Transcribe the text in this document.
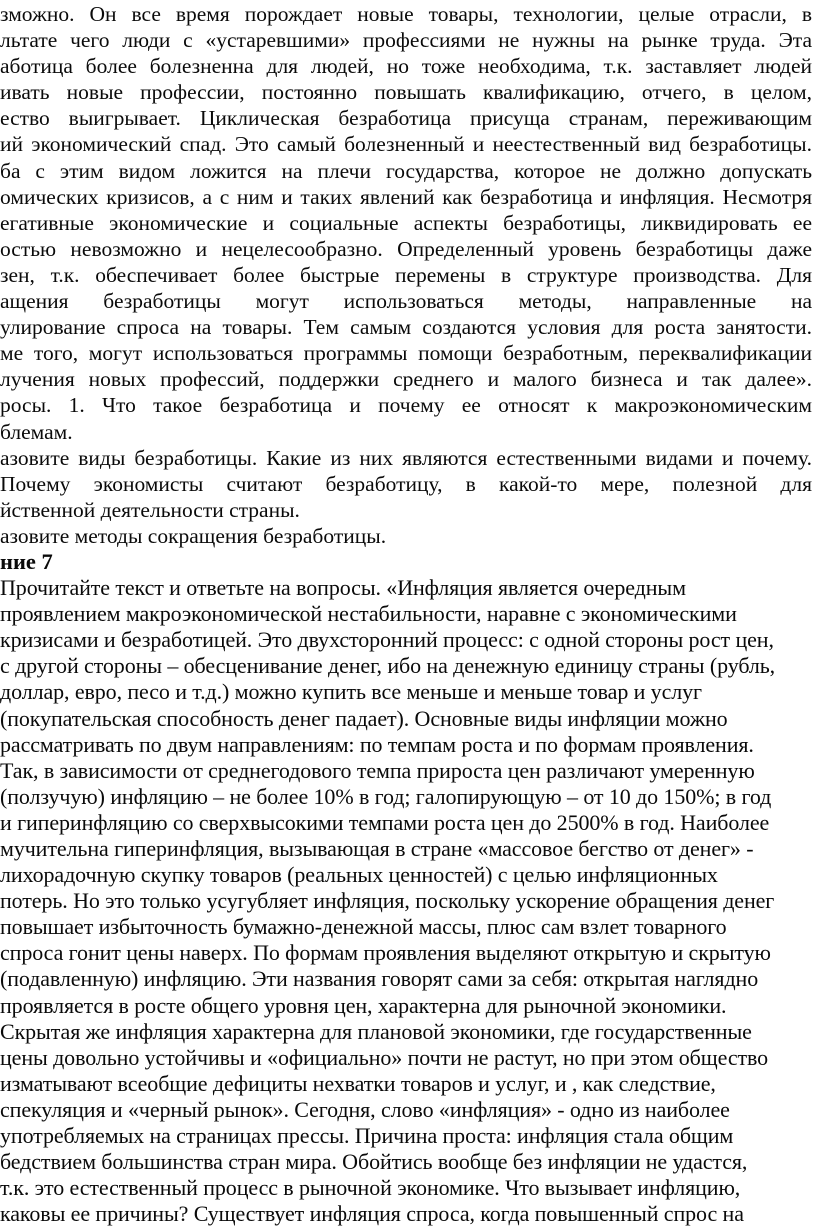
зможно. Он все время порождает новые товары, технологии, целые отрасли, в
льтате чего люди с «устаревшими» профессиями не нужны на рынке труда. Эта
аботица более болезненна для людей, но тоже необходима, т.к. заставляет людей
ивать новые профессии, постоянно повышать квалификацию, отчего, в целом,
ество выигрывает. Циклическая безработица присуща странам, переживающим
ий экономический спад. Это самый болезненный и неестественный вид безработицы.
ба с этим видом ложится на плечи государства, которое не должно допускать
омических кризисов, а с ним и таких явлений как безработица и инфляция. Несмотря
егативные экономические и социальные аспекты безработицы, ликвидировать ее
остью невозможно и нецелесообразно. Определенный уровень безработицы даже
зен, т.к. обеспечивает более быстрые перемены в структуре производства. Для
ащения безработицы могут использоваться методы, направленные на
улирование спроса на товары. Тем самым создаются условия для роста занятости.
ме того, могут использоваться программы помощи безработным, переквалификации
лучения новых профессий, поддержки среднего и малого бизнеса и так далее».
росы. 1. Что такое безработица и почему ее относят к макроэкономическим
блемам.
азовите виды безработицы. Какие из них являются естественными видами и почему.
Почему экономисты считают безработицу, в какой-то мере, полезной для
йственной деятельности страны.
азовите методы сокращения безработицы.
ние 7
Прочитайте текст и ответьте на вопросы. «Инфляция является очередным
проявлением макроэкономической нестабильности, наравне с экономическими
кризисами и безработицей. Это двухсторонний процесс: с одной стороны рост цен,
с другой стороны – обесценивание денег, ибо на денежную единицу страны (рубль,
доллар, евро, песо и т.д.) можно купить все меньше и меньше товар и услуг
(покупательская способность денег падает). Основные виды инфляции можно
рассматривать по двум направлениям: по темпам роста и по формам проявления.
Так, в зависимости от среднегодового темпа прироста цен различают умеренную
(ползучую) инфляцию – не более 10% в год; галопирующую – от 10 до 150%; в год
и гиперинфляцию со сверхвысокими темпами роста цен до 2500% в год. Наиболее
мучительна гиперинфляция, вызывающая в стране «массовое бегство от денег» -
лихорадочную скупку товаров (реальных ценностей) с целью инфляционных
потерь. Но это только усугубляет инфляция, поскольку ускорение обращения денег
повышает избыточность бумажно-денежной массы, плюс сам взлет товарного
спроса гонит цены наверх. По формам проявления выделяют открытую и скрытую
(подавленную) инфляцию. Эти названия говорят сами за себя: открытая наглядно
проявляется в росте общего уровня цен, характерна для рыночной экономики.
Скрытая же инфляция характерна для плановой экономики, где государственные
цены довольно устойчивы и «официально» почти не растут, но при этом общество
изматывают всеобщие дефициты нехватки товаров и услуг, и , как следствие,
спекуляция и «черный рынок». Сегодня, слово «инфляция» - одно из наиболее
употребляемых на страницах прессы. Причина проста: инфляция стала общим
бедствием большинства стран мира. Обойтись вообще без инфляции не удастся,
т.к. это естественный процесс в рыночной экономике. Что вызывает инфляцию,
каковы ее причины? Существует инфляция спроса, когда повышенный спрос на
